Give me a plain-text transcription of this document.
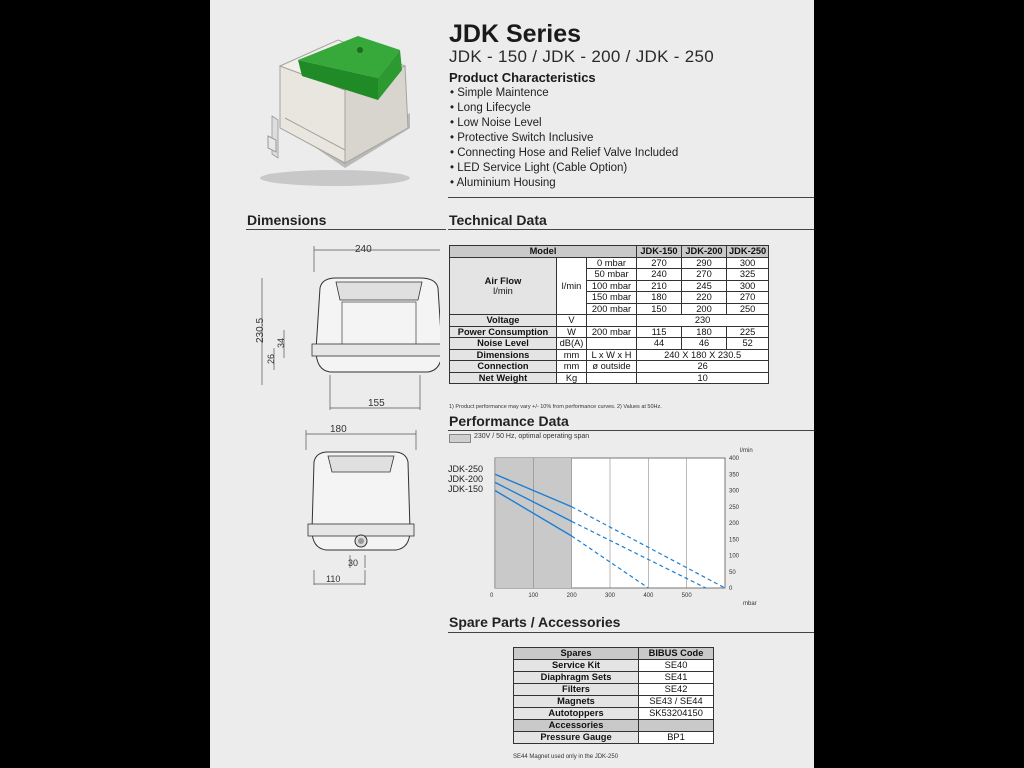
JDK Series
JDK - 150 / JDK - 200 / JDK - 250
Product Characteristics
• Simple Maintence
• Long Lifecycle
• Low Noise Level
• Protective Switch Inclusive
• Connecting Hose and Relief Valve Included
• LED Service Light (Cable Option)
• Aluminium Housing
Dimensions	Technical Data
240
230.5 34
26
155
180
30
110
Model			JDK-150	JDK-200	JDK-250
Air Flow
l/min	l/min	0 mbar	270	290	300
		50 mbar	240	270	325
		100 mbar	210	245	300
		150 mbar	180	220	270
		200 mbar	150	200	250
Voltage	V		230		
Power Consumption	W	200 mbar	115	180	225
Noise Level	dB(A)		44	46	52
Dimensions	mm	L x W x H	240 X 180 X 230.5		
Connection	mm	ø outside	26		
Net Weight	Kg		10		
1) Product performance may vary +/- 10% from performance curves. 2) Values at 50Hz.
Performance Data
230V / 50 Hz, optimal operating span
l/min
mbar
0	100	200	300	400	500
0
50
100
150
200
250
300
350
400
JDK-250
JDK-200
JDK-150
Spare Parts / Accessories
Spares	BIBUS Code
Service Kit	SE40
Diaphragm Sets	SE41
Filters	SE42
Magnets	SE43 / SE44
Autotoppers	SK53204150
Accessories	
Pressure Gauge	BP1
SE44 Magnet used only in the JDK-250
